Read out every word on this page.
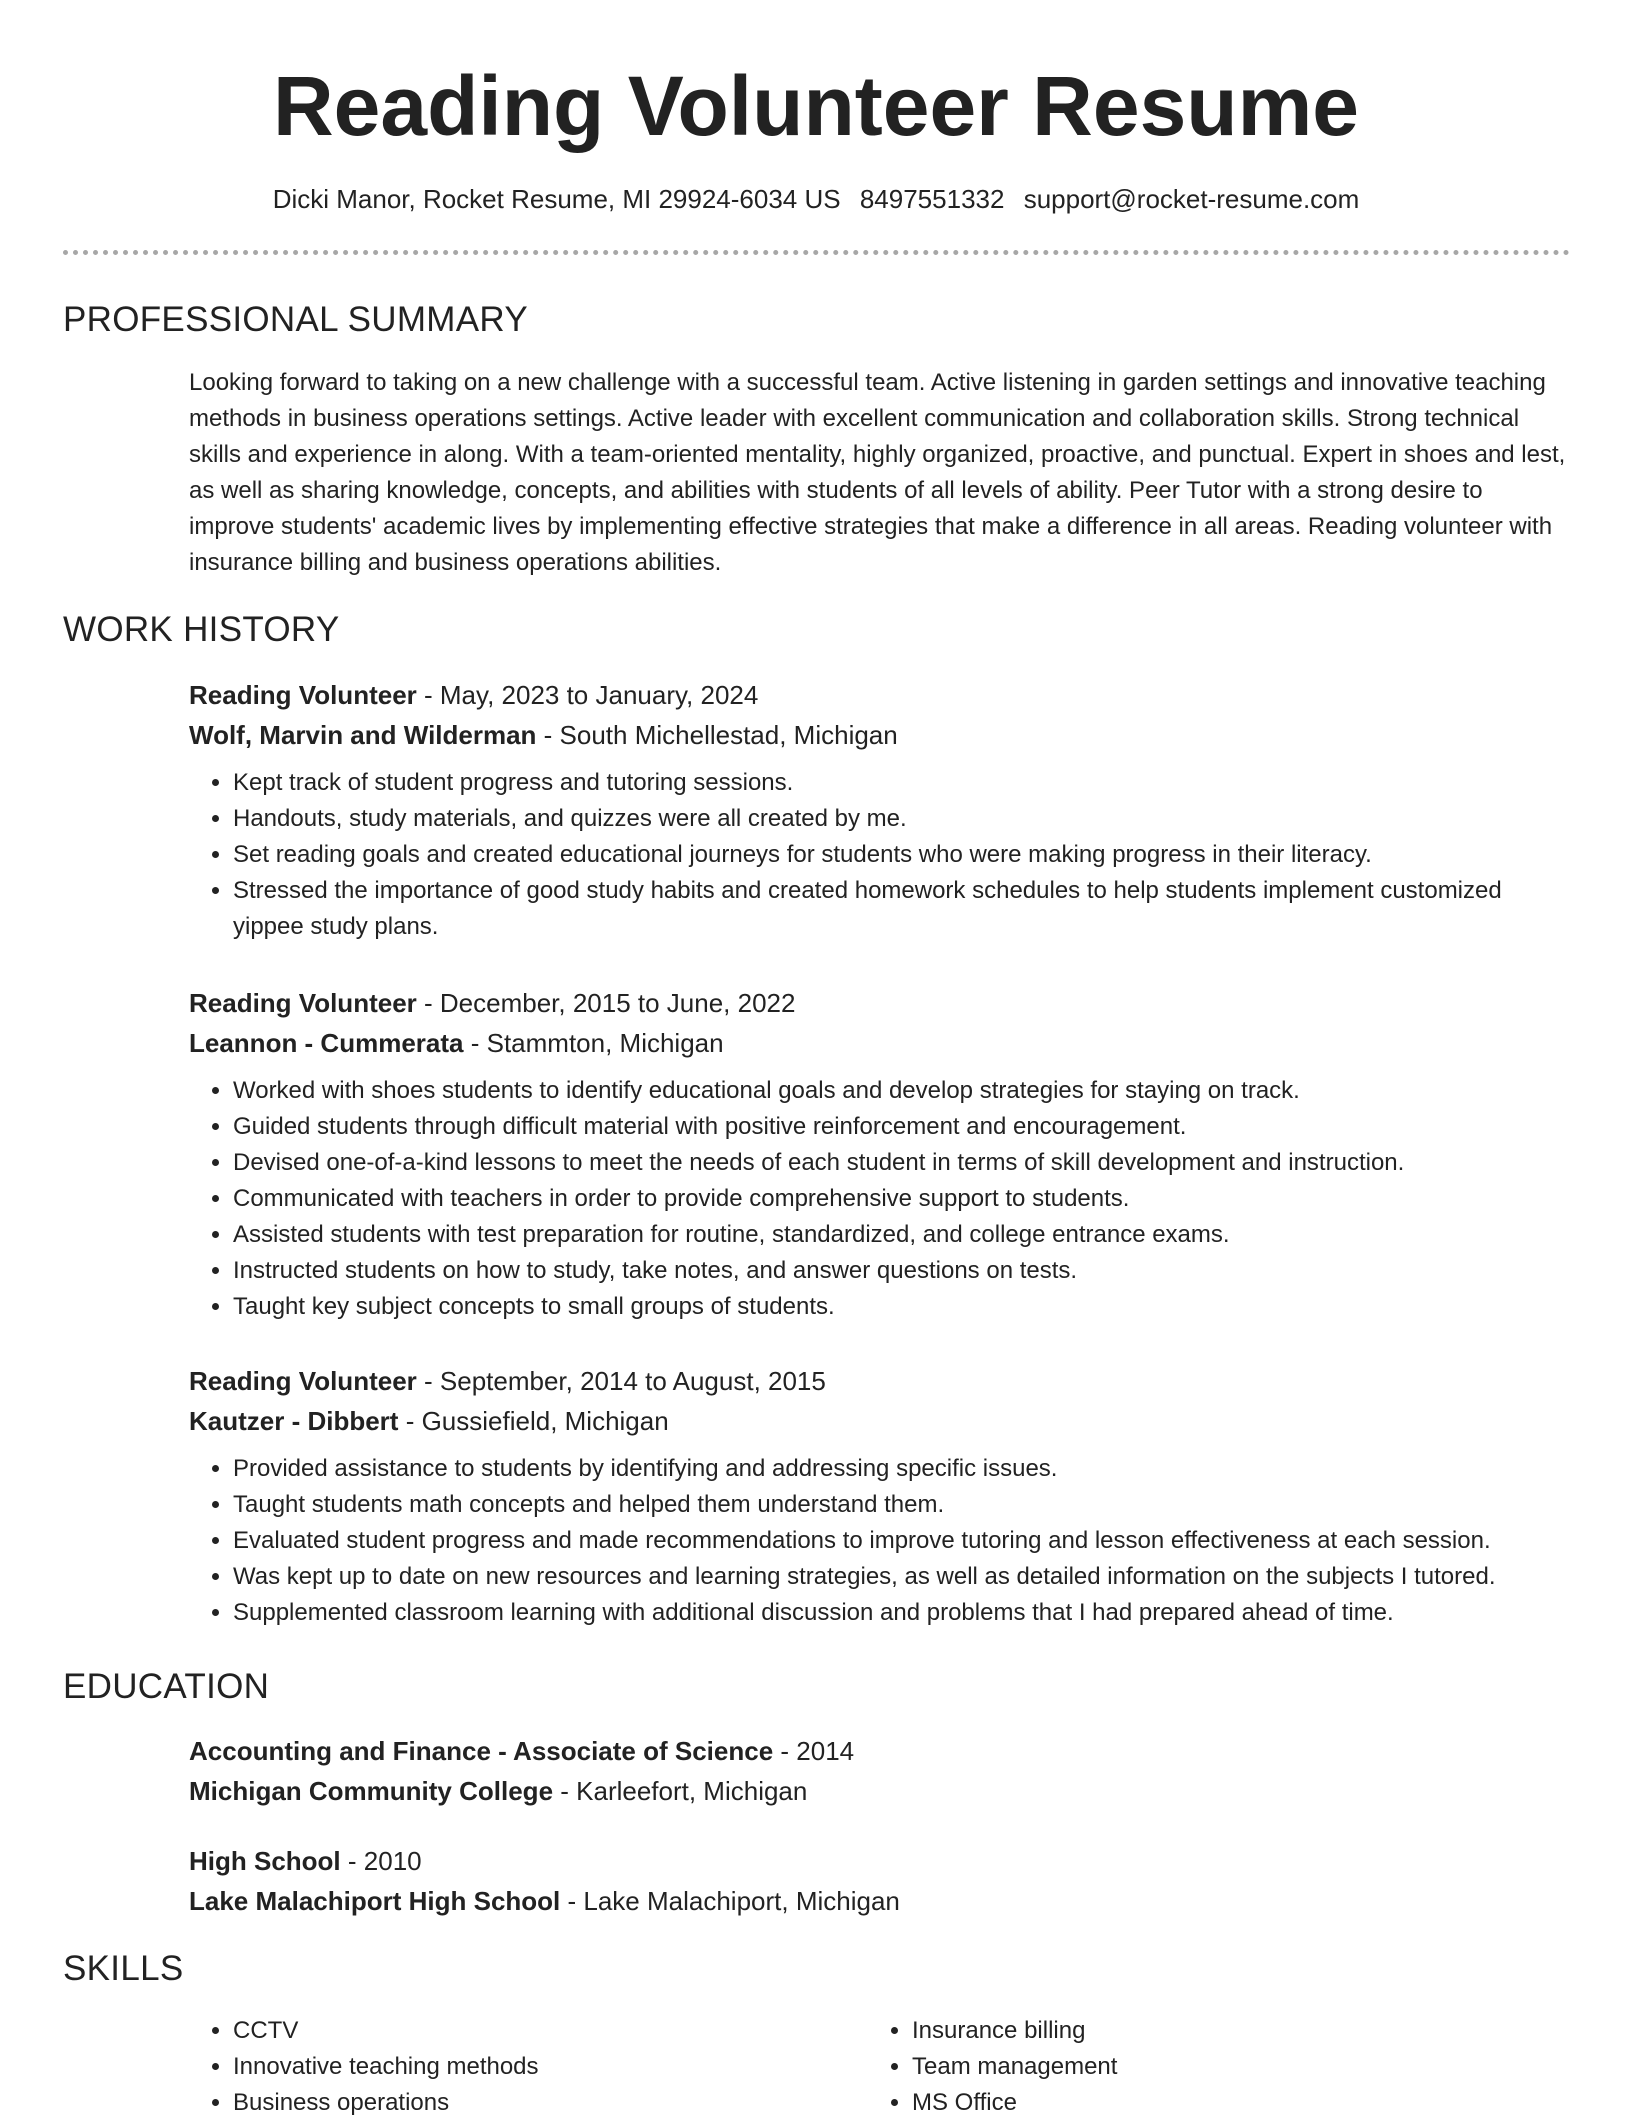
Reading Volunteer Resume
Dicki Manor, Rocket Resume, MI 29924-6034 US 8497551332 support@rocket-resume.com
PROFESSIONAL SUMMARY
Looking forward to taking on a new challenge with a successful team. Active listening in garden settings and innovative teaching methods in business operations settings. Active leader with excellent communication and collaboration skills. Strong technical skills and experience in along. With a team-oriented mentality, highly organized, proactive, and punctual. Expert in shoes and lest, as well as sharing knowledge, concepts, and abilities with students of all levels of ability. Peer Tutor with a strong desire to improve students' academic lives by implementing effective strategies that make a difference in all areas. Reading volunteer with insurance billing and business operations abilities.
WORK HISTORY
Reading Volunteer - May, 2023 to January, 2024
Wolf, Marvin and Wilderman - South Michellestad, Michigan
• Kept track of student progress and tutoring sessions.
• Handouts, study materials, and quizzes were all created by me.
• Set reading goals and created educational journeys for students who were making progress in their literacy.
• Stressed the importance of good study habits and created homework schedules to help students implement customized yippee study plans.
Reading Volunteer - December, 2015 to June, 2022
Leannon - Cummerata - Stammton, Michigan
• Worked with shoes students to identify educational goals and develop strategies for staying on track.
• Guided students through difficult material with positive reinforcement and encouragement.
• Devised one-of-a-kind lessons to meet the needs of each student in terms of skill development and instruction.
• Communicated with teachers in order to provide comprehensive support to students.
• Assisted students with test preparation for routine, standardized, and college entrance exams.
• Instructed students on how to study, take notes, and answer questions on tests.
• Taught key subject concepts to small groups of students.
Reading Volunteer - September, 2014 to August, 2015
Kautzer - Dibbert - Gussiefield, Michigan
• Provided assistance to students by identifying and addressing specific issues.
• Taught students math concepts and helped them understand them.
• Evaluated student progress and made recommendations to improve tutoring and lesson effectiveness at each session.
• Was kept up to date on new resources and learning strategies, as well as detailed information on the subjects I tutored.
• Supplemented classroom learning with additional discussion and problems that I had prepared ahead of time.
EDUCATION
Accounting and Finance - Associate of Science - 2014
Michigan Community College - Karleefort, Michigan
High School - 2010
Lake Malachiport High School - Lake Malachiport, Michigan
SKILLS
• CCTV
• Innovative teaching methods
• Business operations
• Insurance billing
• Team management
• MS Office
